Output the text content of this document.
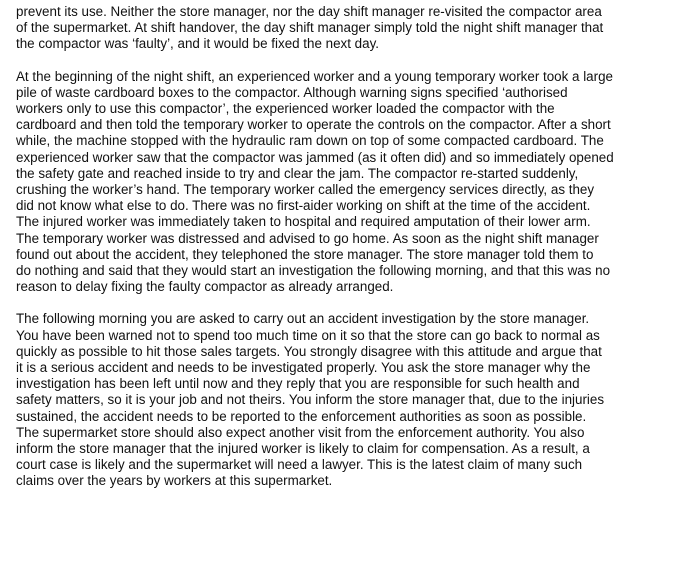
prevent its use. Neither the store manager, nor the day shift manager re-visited the compactor area
of the supermarket. At shift handover, the day shift manager simply told the night shift manager that
the compactor was ‘faulty’, and it would be fixed the next day.

At the beginning of the night shift, an experienced worker and a young temporary worker took a large
pile of waste cardboard boxes to the compactor. Although warning signs specified ‘authorised
workers only to use this compactor’, the experienced worker loaded the compactor with the
cardboard and then told the temporary worker to operate the controls on the compactor. After a short
while, the machine stopped with the hydraulic ram down on top of some compacted cardboard. The
experienced worker saw that the compactor was jammed (as it often did) and so immediately opened
the safety gate and reached inside to try and clear the jam. The compactor re-started suddenly,
crushing the worker’s hand. The temporary worker called the emergency services directly, as they
did not know what else to do. There was no first-aider working on shift at the time of the accident.
The injured worker was immediately taken to hospital and required amputation of their lower arm.
The temporary worker was distressed and advised to go home. As soon as the night shift manager
found out about the accident, they telephoned the store manager. The store manager told them to
do nothing and said that they would start an investigation the following morning, and that this was no
reason to delay fixing the faulty compactor as already arranged.

The following morning you are asked to carry out an accident investigation by the store manager.
You have been warned not to spend too much time on it so that the store can go back to normal as
quickly as possible to hit those sales targets. You strongly disagree with this attitude and argue that
it is a serious accident and needs to be investigated properly. You ask the store manager why the
investigation has been left until now and they reply that you are responsible for such health and
safety matters, so it is your job and not theirs. You inform the store manager that, due to the injuries
sustained, the accident needs to be reported to the enforcement authorities as soon as possible.
The supermarket store should also expect another visit from the enforcement authority. You also
inform the store manager that the injured worker is likely to claim for compensation. As a result, a
court case is likely and the supermarket will need a lawyer. This is the latest claim of many such
claims over the years by workers at this supermarket.
